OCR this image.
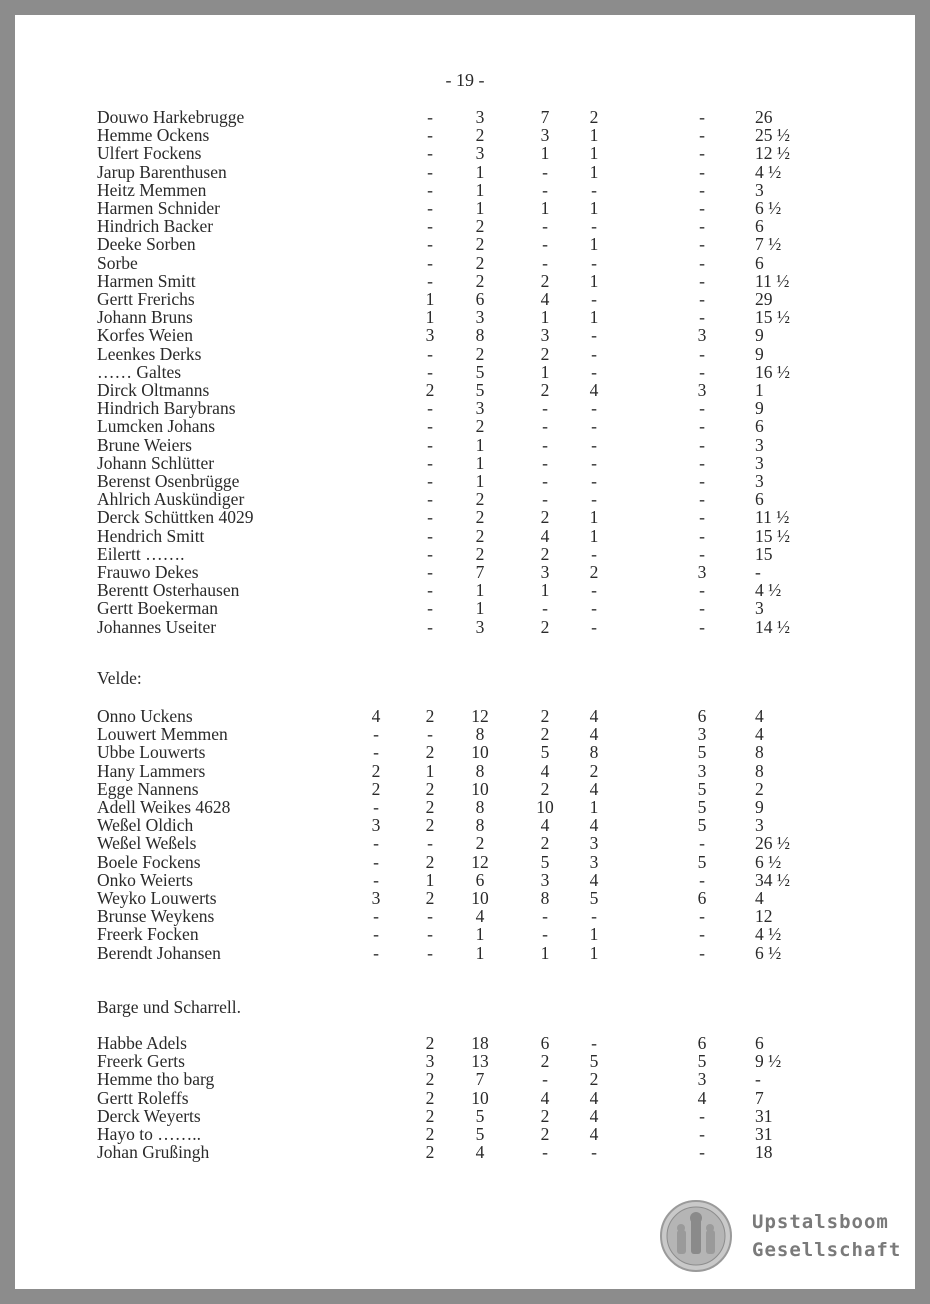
- 19 -
Douwo Harkebrugge	-	3	7	2	-	26
Hemme Ockens	-	2	3	1	-	25 ½
Ulfert Fockens	-	3	1	1	-	12 ½
Jarup Barenthusen	-	1	-	1	-	4 ½
Heitz Memmen	-	1	-	-	-	3
Harmen Schnider	-	1	1	1	-	6 ½
Hindrich Backer	-	2	-	-	-	6
Deeke Sorben	-	2	-	1	-	7 ½
Sorbe	-	2	-	-	-	6
Harmen Smitt	-	2	2	1	-	11 ½
Gertt Frerichs	1	6	4	-	-	29
Johann Bruns	1	3	1	1	-	15 ½
Korfes Weien	3	8	3	-	3	9
Leenkes Derks	-	2	2	-	-	9
…… Galtes	-	5	1	-	-	16 ½
Dirck Oltmanns	2	5	2	4	3	1
Hindrich Barybrans	-	3	-	-	-	9
Lumcken Johans	-	2	-	-	-	6
Brune Weiers	-	1	-	-	-	3
Johann Schlütter	-	1	-	-	-	3
Berenst Osenbrügge	-	1	-	-	-	3
Ahlrich Auskündiger	-	2	-	-	-	6
Derck Schüttken 4029	-	2	2	1	-	11 ½
Hendrich Smitt	-	2	4	1	-	15 ½
Eilertt …….	-	2	2	-	-	15
Frauwo Dekes	-	7	3	2	3	-
Berentt Osterhausen	-	1	1	-	-	4 ½
Gertt Boekerman	-	1	-	-	-	3
Johannes Useiter	-	3	2	-	-	14 ½
Velde:
Onno Uckens	4	2	12	2	4	6	4
Louwert Memmen	-	-	8	2	4	3	4
Ubbe Louwerts	-	2	10	5	8	5	8
Hany Lammers	2	1	8	4	2	3	8
Egge Nannens	2	2	10	2	4	5	2
Adell Weikes 4628	-	2	8	10	1	5	9
Weßel Oldich	3	2	8	4	4	5	3
Weßel Weßels	-	-	2	2	3	-	26 ½
Boele Fockens	-	2	12	5	3	5	6 ½
Onko Weierts	-	1	6	3	4	-	34 ½
Weyko Louwerts	3	2	10	8	5	6	4
Brunse Weykens	-	-	4	-	-	-	12
Freerk Focken	-	-	1	-	1	-	4 ½
Berendt Johansen	-	-	1	1	1	-	6 ½
Barge und Scharrell.
Habbe Adels	2	18	6	-	6	6
Freerk Gerts	3	13	2	5	5	9 ½
Hemme tho barg	2	7	-	2	3	-
Gertt Roleffs	2	10	4	4	4	7
Derck Weyerts	2	5	2	4	-	31
Hayo to ……..	2	5	2	4	-	31
Johan Grußingh	2	4	-	-	-	18
Upstalsboom
Gesellschaft
